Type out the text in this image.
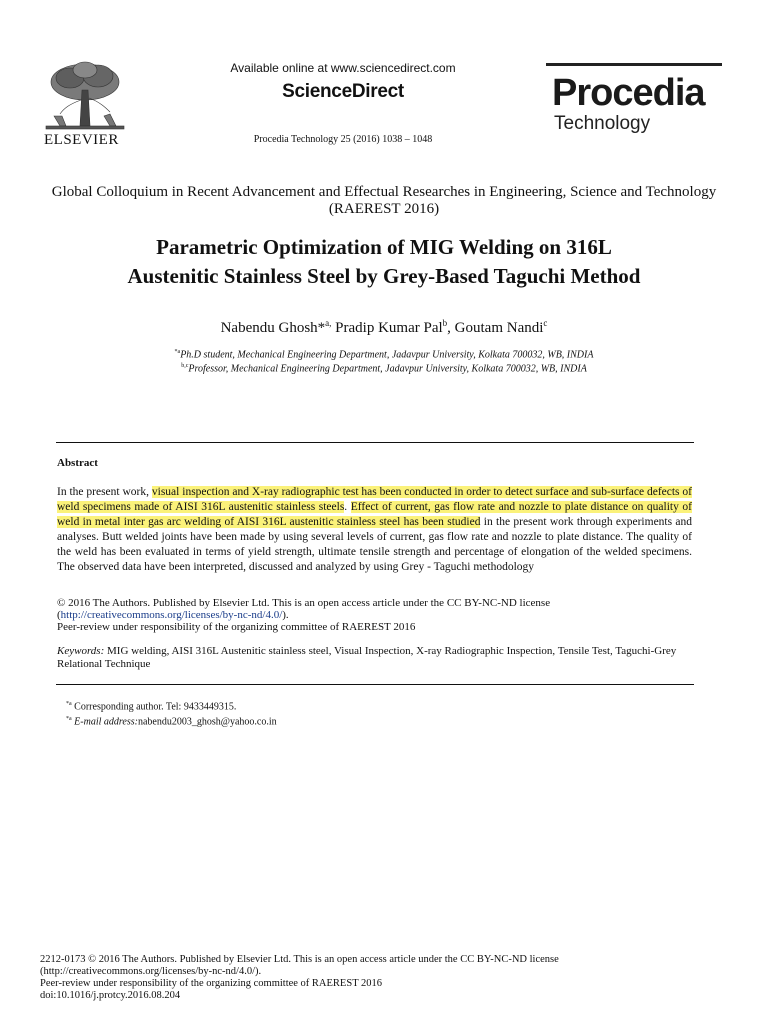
ELSEVIER
Available online at www.sciencedirect.com
ScienceDirect
Procedia Technology 25 (2016) 1038 – 1048
Procedia
Technology
Global Colloquium in Recent Advancement and Effectual Researches in Engineering, Science and Technology (RAEREST 2016)
Parametric Optimization of MIG Welding on 316L
Austenitic Stainless Steel by Grey-Based Taguchi Method
Nabendu Ghosh*$^{a,}$ Pradip Kumar Pal$^b$, Goutam Nandi$^c$
$^{*a}$Ph.D student, Mechanical Engineering Department, Jadavpur University, Kolkata 700032, WB, INDIA
$^{b,c}$Professor, Mechanical Engineering Department, Jadavpur University, Kolkata 700032, WB, INDIA
Abstract
In the present work, visual inspection and X-ray radiographic test has been conducted in order to detect surface and sub-surface defects of weld specimens made of AISI 316L austenitic stainless steels. Effect of current, gas flow rate and nozzle to plate distance on quality of weld in metal inter gas arc welding of AISI 316L austenitic stainless steel has been studied in the present work through experiments and analyses. Butt welded joints have been made by using several levels of current, gas flow rate and nozzle to plate distance. The quality of the weld has been evaluated in terms of yield strength, ultimate tensile strength and percentage of elongation of the welded specimens. The observed data have been interpreted, discussed and analyzed by using Grey - Taguchi methodology
© 2016 The Authors. Published by Elsevier Ltd. This is an open access article under the CC BY-NC-ND license
(http://creativecommons.org/licenses/by-nc-nd/4.0/).
Peer-review under responsibility of the organizing committee of RAEREST 2016
Keywords: MIG welding, AISI 316L Austenitic stainless steel, Visual Inspection, X-ray Radiographic Inspection, Tensile Test, Taguchi-Grey Relational Technique
$^{*a}$ Corresponding author. Tel: 9433449315.
$^{*a}$ E-mail address:nabendu2003_ghosh@yahoo.co.in
2212-0173 © 2016 The Authors. Published by Elsevier Ltd. This is an open access article under the CC BY-NC-ND license
(http://creativecommons.org/licenses/by-nc-nd/4.0/).
Peer-review under responsibility of the organizing committee of RAEREST 2016
doi:10.1016/j.protcy.2016.08.204
